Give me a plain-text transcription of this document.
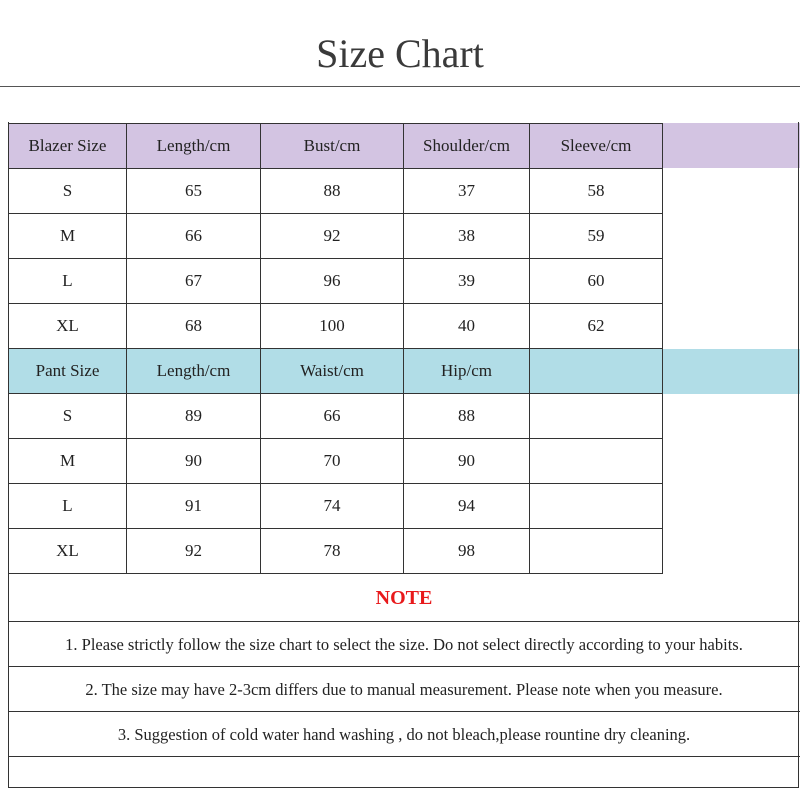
Size Chart
Blazer Size	Length/cm	Bust/cm	Shoulder/cm	Sleeve/cm
S	65	88	37	58
M	66	92	38	59
L	67	96	39	60
XL	68	100	40	62
Pant Size	Length/cm	Waist/cm	Hip/cm	
S	89	66	88	
M	90	70	90	
L	91	74	94	
XL	92	78	98	
NOTE
1. Please strictly follow the size chart to select the size. Do not select directly according to your habits.
2. The size may have 2-3cm differs due to manual measurement. Please note when you measure.
3. Suggestion of cold water hand washing , do not bleach,please rountine dry cleaning.
